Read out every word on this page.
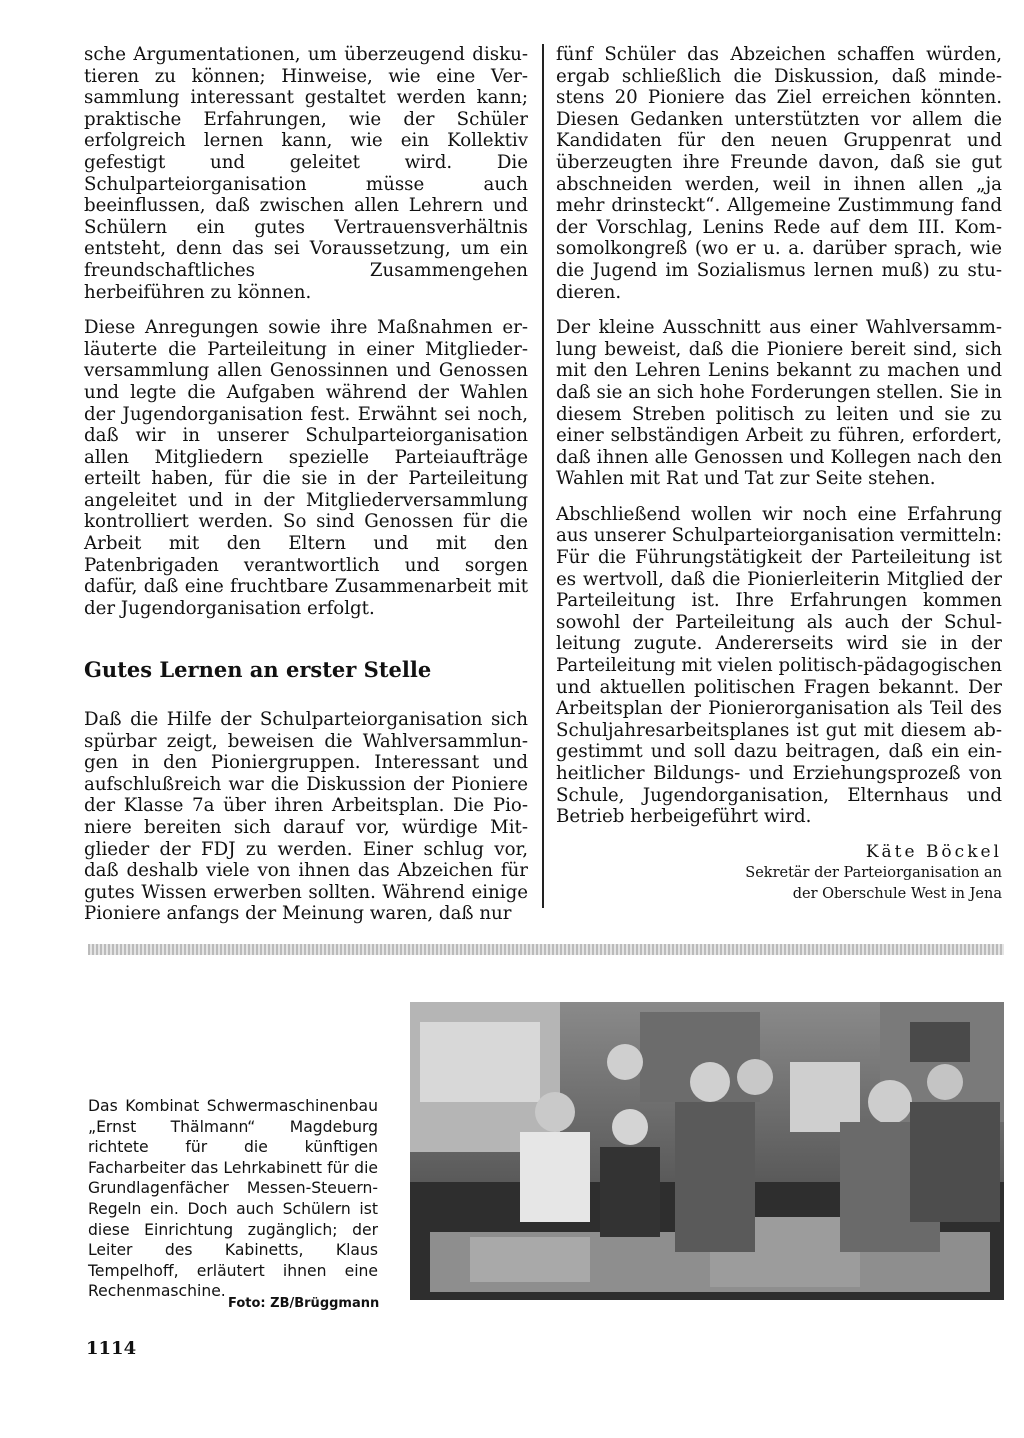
sche Argumentationen, um überzeugend diskutieren zu können; Hinweise, wie eine Versammlung interessant gestaltet werden kann; praktische Erfahrungen, wie der Schüler erfolgreich lernen kann, wie ein Kollektiv gefestigt und geleitet wird. Die Schulparteiorganisation müsse auch beeinflussen, daß zwischen allen Lehrern und Schülern ein gutes Vertrauensverhältnis entsteht, denn das sei Voraussetzung, um ein freundschaftliches Zusammengehen herbeiführen zu können.

Diese Anregungen sowie ihre Maßnahmen erläuterte die Parteileitung in einer Mitgliederversammlung allen Genossinnen und Genossen und legte die Aufgaben während der Wahlen der Jugendorganisation fest. Erwähnt sei noch, daß wir in unserer Schulparteiorganisation allen Mitgliedern spezielle Parteiaufträge erteilt haben, für die sie in der Parteileitung angeleitet und in der Mitgliederversammlung kontrolliert werden. So sind Genossen für die Arbeit mit den Eltern und mit den Patenbrigaden verantwortlich und sorgen dafür, daß eine fruchtbare Zusammenarbeit mit der Jugendorganisation erfolgt.

Gutes Lernen an erster Stelle

Daß die Hilfe der Schulparteiorganisation sich spürbar zeigt, beweisen die Wahlversammlungen in den Pioniergruppen. Interessant und aufschlußreich war die Diskussion der Pioniere der Klasse 7a über ihren Arbeitsplan. Die Pioniere bereiten sich darauf vor, würdige Mitglieder der FDJ zu werden. Einer schlug vor, daß deshalb viele von ihnen das Abzeichen für gutes Wissen erwerben sollten. Während einige Pioniere anfangs der Meinung waren, daß nur

fünf Schüler das Abzeichen schaffen würden, ergab schließlich die Diskussion, daß mindestens 20 Pioniere das Ziel erreichen könnten. Diesen Gedanken unterstützten vor allem die Kandidaten für den neuen Gruppenrat und überzeugten ihre Freunde davon, daß sie gut abschneiden werden, weil in ihnen allen „ja mehr drinsteckt“. Allgemeine Zustimmung fand der Vorschlag, Lenins Rede auf dem III. Komsomolkongreß (wo er u. a. darüber sprach, wie die Jugend im Sozialismus lernen muß) zu studieren.

Der kleine Ausschnitt aus einer Wahlversammlung beweist, daß die Pioniere bereit sind, sich mit den Lehren Lenins bekannt zu machen und daß sie an sich hohe Forderungen stellen. Sie in diesem Streben politisch zu leiten und sie zu einer selbständigen Arbeit zu führen, erfordert, daß ihnen alle Genossen und Kollegen nach den Wahlen mit Rat und Tat zur Seite stehen.

Abschließend wollen wir noch eine Erfahrung aus unserer Schulparteiorganisation vermitteln: Für die Führungstätigkeit der Parteileitung ist es wertvoll, daß die Pionierleiterin Mitglied der Parteileitung ist. Ihre Erfahrungen kommen sowohl der Parteileitung als auch der Schulleitung zugute. Andererseits wird sie in der Parteileitung mit vielen politisch-pädagogischen und aktuellen politischen Fragen bekannt. Der Arbeitsplan der Pionierorganisation als Teil des Schuljahresarbeitsplanes ist gut mit diesem abgestimmt und soll dazu beitragen, daß ein einheitlicher Bildungs- und Erziehungsprozeß von Schule, Jugendorganisation, Elternhaus und Betrieb herbeigeführt wird.

Käte Böckel
Sekretär der Parteiorganisation an
der Oberschule West in Jena
Das Kombinat Schwermaschinenbau „Ernst Thälmann“ Magdeburg richtete für die künftigen Facharbeiter das Lehrkabinett für die Grundlagenfächer Messen-Steuern-Regeln ein. Doch auch Schülern ist diese Einrichtung zugänglich; der Leiter des Kabinetts, Klaus Tempelhoff, erläutert ihnen eine Rechenmaschine.
Foto: ZB/Brüggmann
1114
